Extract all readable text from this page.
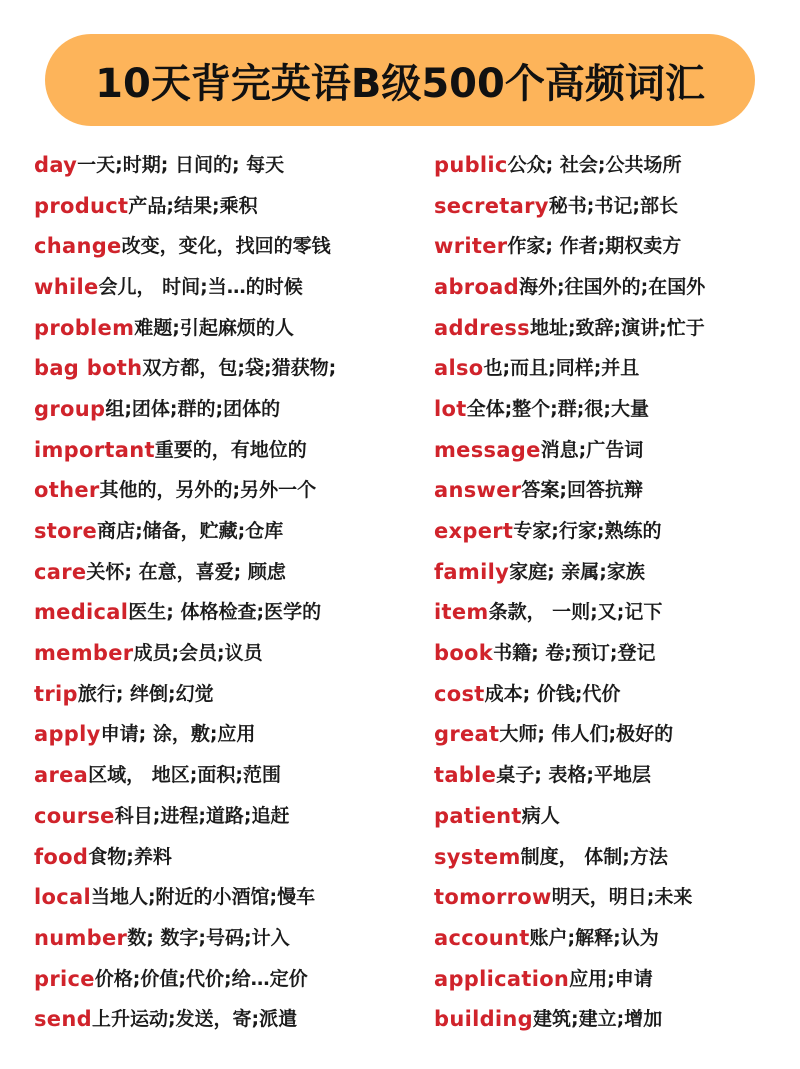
10天背完英语B级500个高频词汇
day 一天;时期; 日间的; 每天
product 产品;结果;乘积
change 改变，变化，找回的零钱
while 会儿， 时间;当…的时候
problem 难题;引起麻烦的人
bag both 双方都，包;袋;猎获物;
group 组;团体;群的;团体的
important 重要的，有地位的
other 其他的，另外的;另外一个
store 商店;储备，贮藏;仓库
care 关怀; 在意，喜爱; 顾虑
medical 医生; 体格检查;医学的
member 成员;会员;议员
trip 旅行; 绊倒;幻觉
apply 申请; 涂，敷;应用
area 区域， 地区;面积;范围
course 科目;进程;道路;追赶
food 食物;养料
local 当地人;附近的小酒馆;慢车
number 数; 数字;号码;计入
price 价格;价值;代价;给…定价
send 上升运动;发送，寄;派遣
public 公众; 社会;公共场所
secretary 秘书;书记;部长
writer 作家; 作者;期权卖方
abroad 海外;往国外的;在国外
address 地址;致辞;演讲;忙于
also 也;而且;同样;并且
lot 全体;整个;群;很;大量
message 消息;广告词
answer 答案;回答抗辩
expert 专家;行家;熟练的
family 家庭; 亲属;家族
item 条款， 一则;又;记下
book 书籍; 卷;预订;登记
cost 成本; 价钱;代价
great 大师; 伟人们;极好的
table 桌子; 表格;平地层
patient 病人
system 制度， 体制;方法
tomorrow 明天，明日;未来
account 账户;解释;认为
application 应用;申请
building 建筑;建立;增加
